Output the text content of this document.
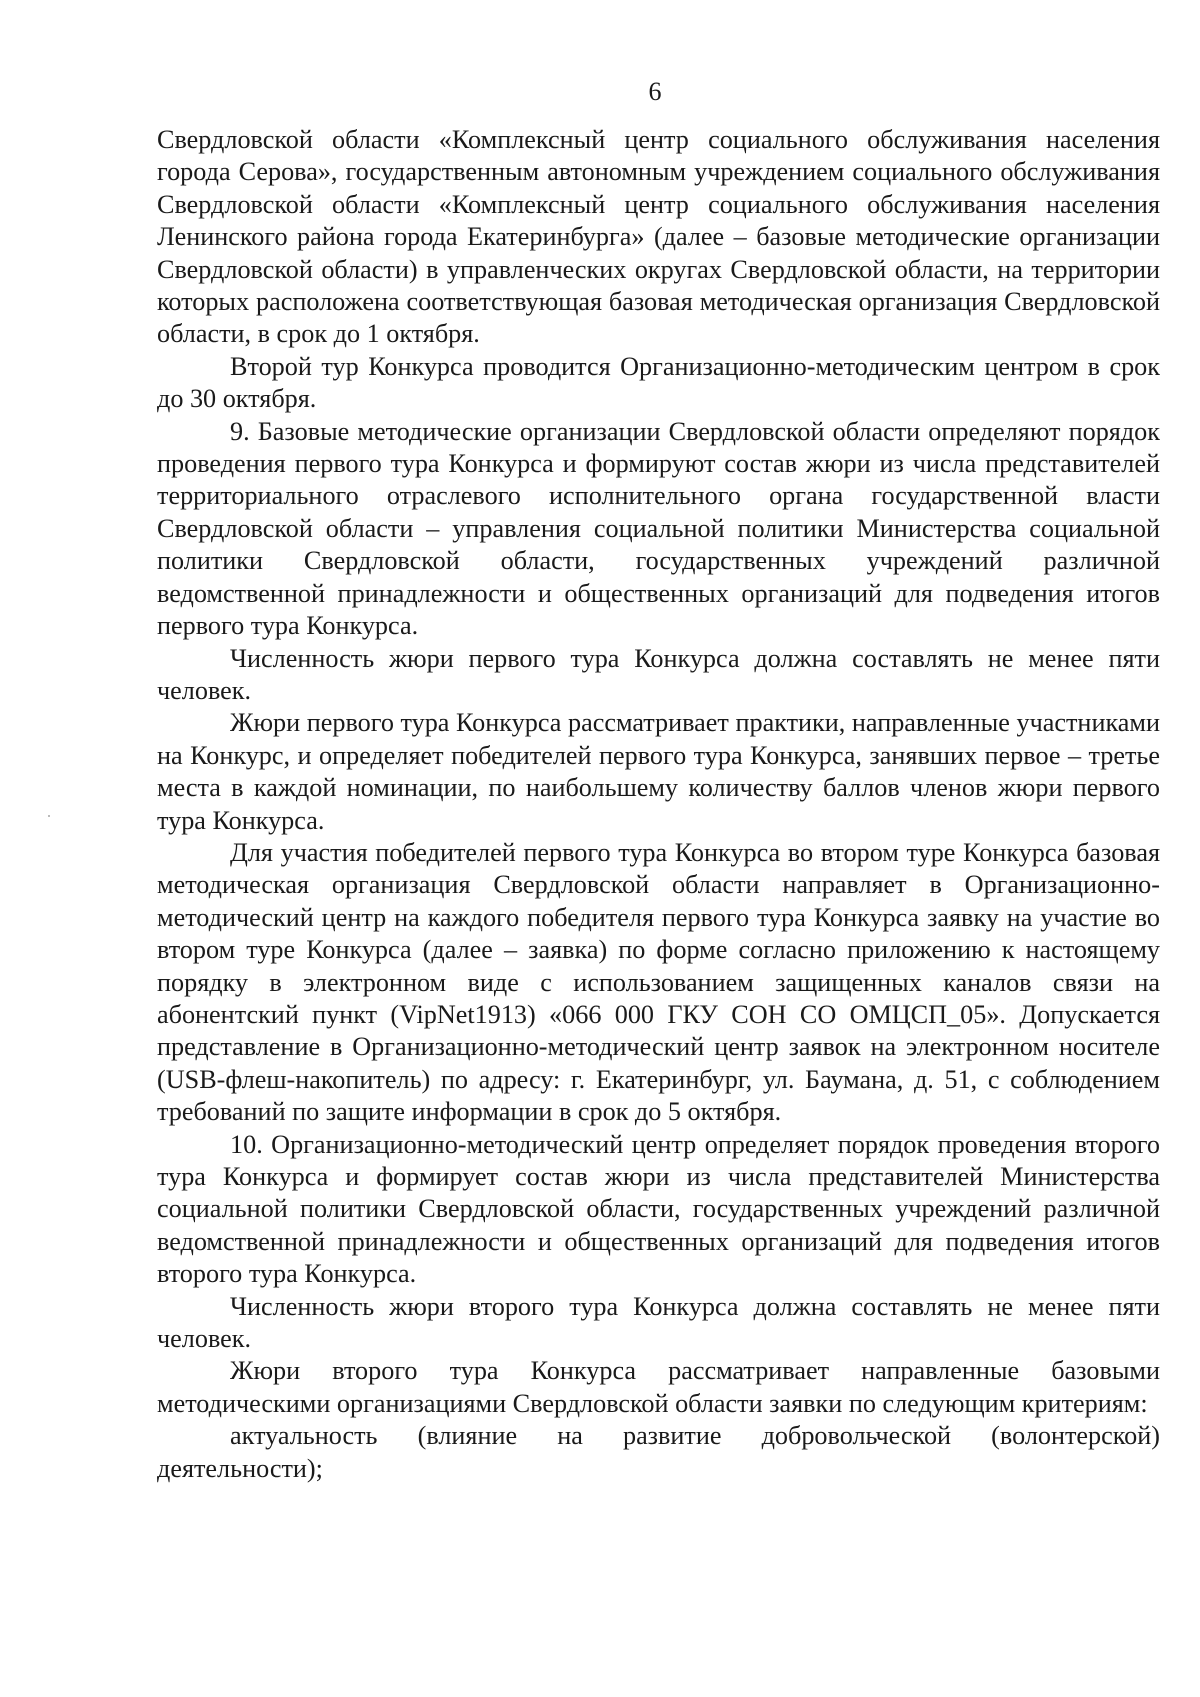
6

Свердловской области «Комплексный центр социального обслуживания населения города Серова», государственным автономным учреждением социального обслуживания Свердловской области «Комплексный центр социального обслуживания населения Ленинского района города Екатеринбурга» (далее – базовые методические организации Свердловской области) в управленческих округах Свердловской области, на территории которых расположена соответствующая базовая методическая организация Свердловской области, в срок до 1 октября.

Второй тур Конкурса проводится Организационно-методическим центром в срок до 30 октября.

9. Базовые методические организации Свердловской области определяют порядок проведения первого тура Конкурса и формируют состав жюри из числа представителей территориального отраслевого исполнительного органа государственной власти Свердловской области – управления социальной политики Министерства социальной политики Свердловской области, государственных учреждений различной ведомственной принадлежности и общественных организаций для подведения итогов первого тура Конкурса.

Численность жюри первого тура Конкурса должна составлять не менее пяти человек.

Жюри первого тура Конкурса рассматривает практики, направленные участниками на Конкурс, и определяет победителей первого тура Конкурса, занявших первое – третье места в каждой номинации, по наибольшему количеству баллов членов жюри первого тура Конкурса.

Для участия победителей первого тура Конкурса во втором туре Конкурса базовая методическая организация Свердловской области направляет в Организационно-методический центр на каждого победителя первого тура Конкурса заявку на участие во втором туре Конкурса (далее – заявка) по форме согласно приложению к настоящему порядку в электронном виде с использованием защищенных каналов связи на абонентский пункт (VipNet1913) «066 000 ГКУ СОН СО ОМЦСП_05». Допускается представление в Организационно-методический центр заявок на электронном носителе (USB-флеш-накопитель) по адресу: г. Екатеринбург, ул. Баумана, д. 51, с соблюдением требований по защите информации в срок до 5 октября.

10. Организационно-методический центр определяет порядок проведения второго тура Конкурса и формирует состав жюри из числа представителей Министерства социальной политики Свердловской области, государственных учреждений различной ведомственной принадлежности и общественных организаций для подведения итогов второго тура Конкурса.

Численность жюри второго тура Конкурса должна составлять не менее пяти человек.

Жюри второго тура Конкурса рассматривает направленные базовыми методическими организациями Свердловской области заявки по следующим критериям:

актуальность (влияние на развитие добровольческой (волонтерской) деятельности);
